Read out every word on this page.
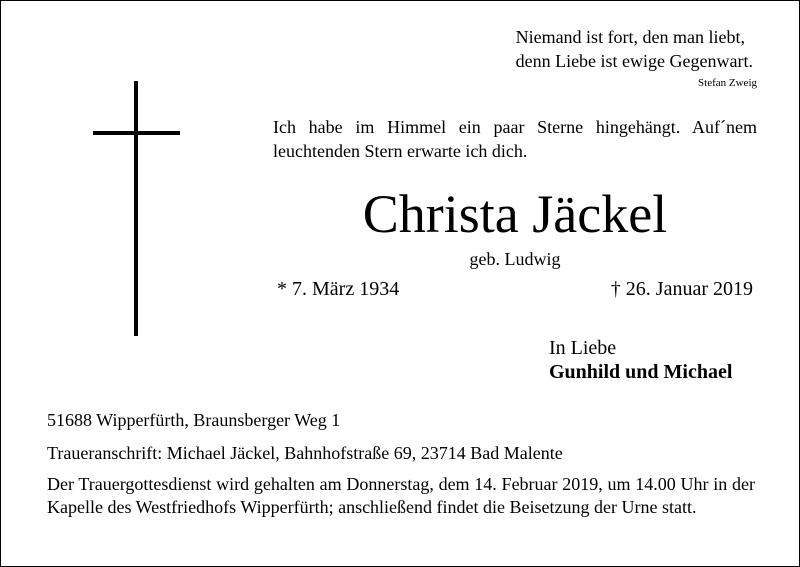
Niemand ist fort, den man liebt,
denn Liebe ist ewige Gegenwart.
Stefan Zweig

Ich habe im Himmel ein paar Sterne hingehängt. Auf´nem leuchtenden Stern erwarte ich dich.

Christa Jäckel
geb. Ludwig
* 7. März 1934	† 26. Januar 2019
In Liebe
Gunhild und Michael
51688 Wipperfürth, Braunsberger Weg 1
Traueranschrift: Michael Jäckel, Bahnhofstraße 69, 23714 Bad Malente

Der Trauergottesdienst wird gehalten am Donnerstag, dem 14. Februar 2019, um 14.00 Uhr in der Kapelle des Westfriedhofs Wipperfürth; anschließend findet die Beisetzung der Urne statt.
